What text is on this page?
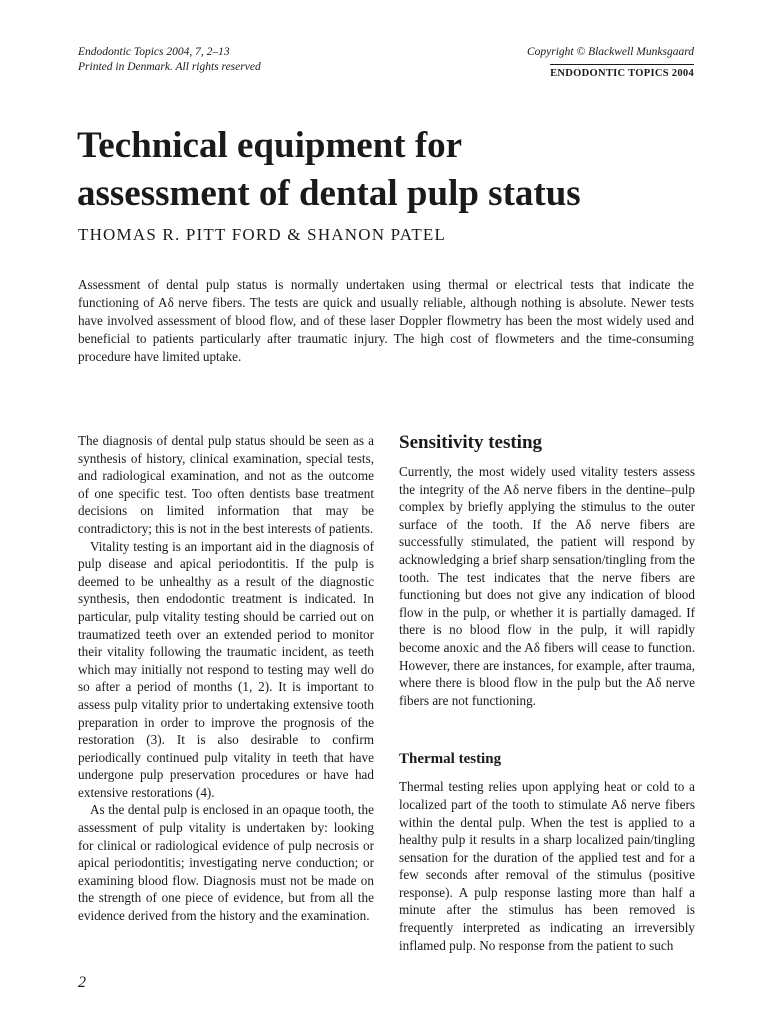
Endodontic Topics 2004, 7, 2–13
Printed in Denmark. All rights reserved
Copyright © Blackwell Munksgaard
ENDODONTIC TOPICS 2004
Technical equipment for
assessment of dental pulp status
THOMAS R. PITT FORD & SHANON PATEL

Assessment of dental pulp status is normally undertaken using thermal or electrical tests that indicate the functioning of Aδ nerve fibers. The tests are quick and usually reliable, although nothing is absolute. Newer tests have involved assessment of blood flow, and of these laser Doppler flowmetry has been the most widely used and beneficial to patients particularly after traumatic injury. The high cost of flowmeters and the time-consuming procedure have limited uptake.

The diagnosis of dental pulp status should be seen as a synthesis of history, clinical examination, special tests, and radiological examination, and not as the outcome of one specific test. Too often dentists base treatment decisions on limited information that may be contradictory; this is not in the best interests of patients.

Vitality testing is an important aid in the diagnosis of pulp disease and apical periodontitis. If the pulp is deemed to be unhealthy as a result of the diagnostic synthesis, then endodontic treatment is indicated. In particular, pulp vitality testing should be carried out on traumatized teeth over an extended period to monitor their vitality following the traumatic incident, as teeth which may initially not respond to testing may well do so after a period of months (1, 2). It is important to assess pulp vitality prior to undertaking extensive tooth preparation in order to improve the prognosis of the restoration (3). It is also desirable to confirm periodically continued pulp vitality in teeth that have undergone pulp preservation procedures or have had extensive restorations (4).

As the dental pulp is enclosed in an opaque tooth, the assessment of pulp vitality is undertaken by: looking for clinical or radiological evidence of pulp necrosis or apical periodontitis; investigating nerve conduction; or examining blood flow. Diagnosis must not be made on the strength of one piece of evidence, but from all the evidence derived from the history and the examination.

Sensitivity testing

Currently, the most widely used vitality testers assess the integrity of the Aδ nerve fibers in the dentine–pulp complex by briefly applying the stimulus to the outer surface of the tooth. If the Aδ nerve fibers are successfully stimulated, the patient will respond by acknowledging a brief sharp sensation/tingling from the tooth. The test indicates that the nerve fibers are functioning but does not give any indication of blood flow in the pulp, or whether it is partially damaged. If there is no blood flow in the pulp, it will rapidly become anoxic and the Aδ fibers will cease to function. However, there are instances, for example, after trauma, where there is blood flow in the pulp but the Aδ nerve fibers are not functioning.

Thermal testing

Thermal testing relies upon applying heat or cold to a localized part of the tooth to stimulate Aδ nerve fibers within the dental pulp. When the test is applied to a healthy pulp it results in a sharp localized pain/tingling sensation for the duration of the applied test and for a few seconds after removal of the stimulus (positive response). A pulp response lasting more than half a minute after the stimulus has been removed is frequently interpreted as indicating an irreversibly inflamed pulp. No response from the patient to such

2
